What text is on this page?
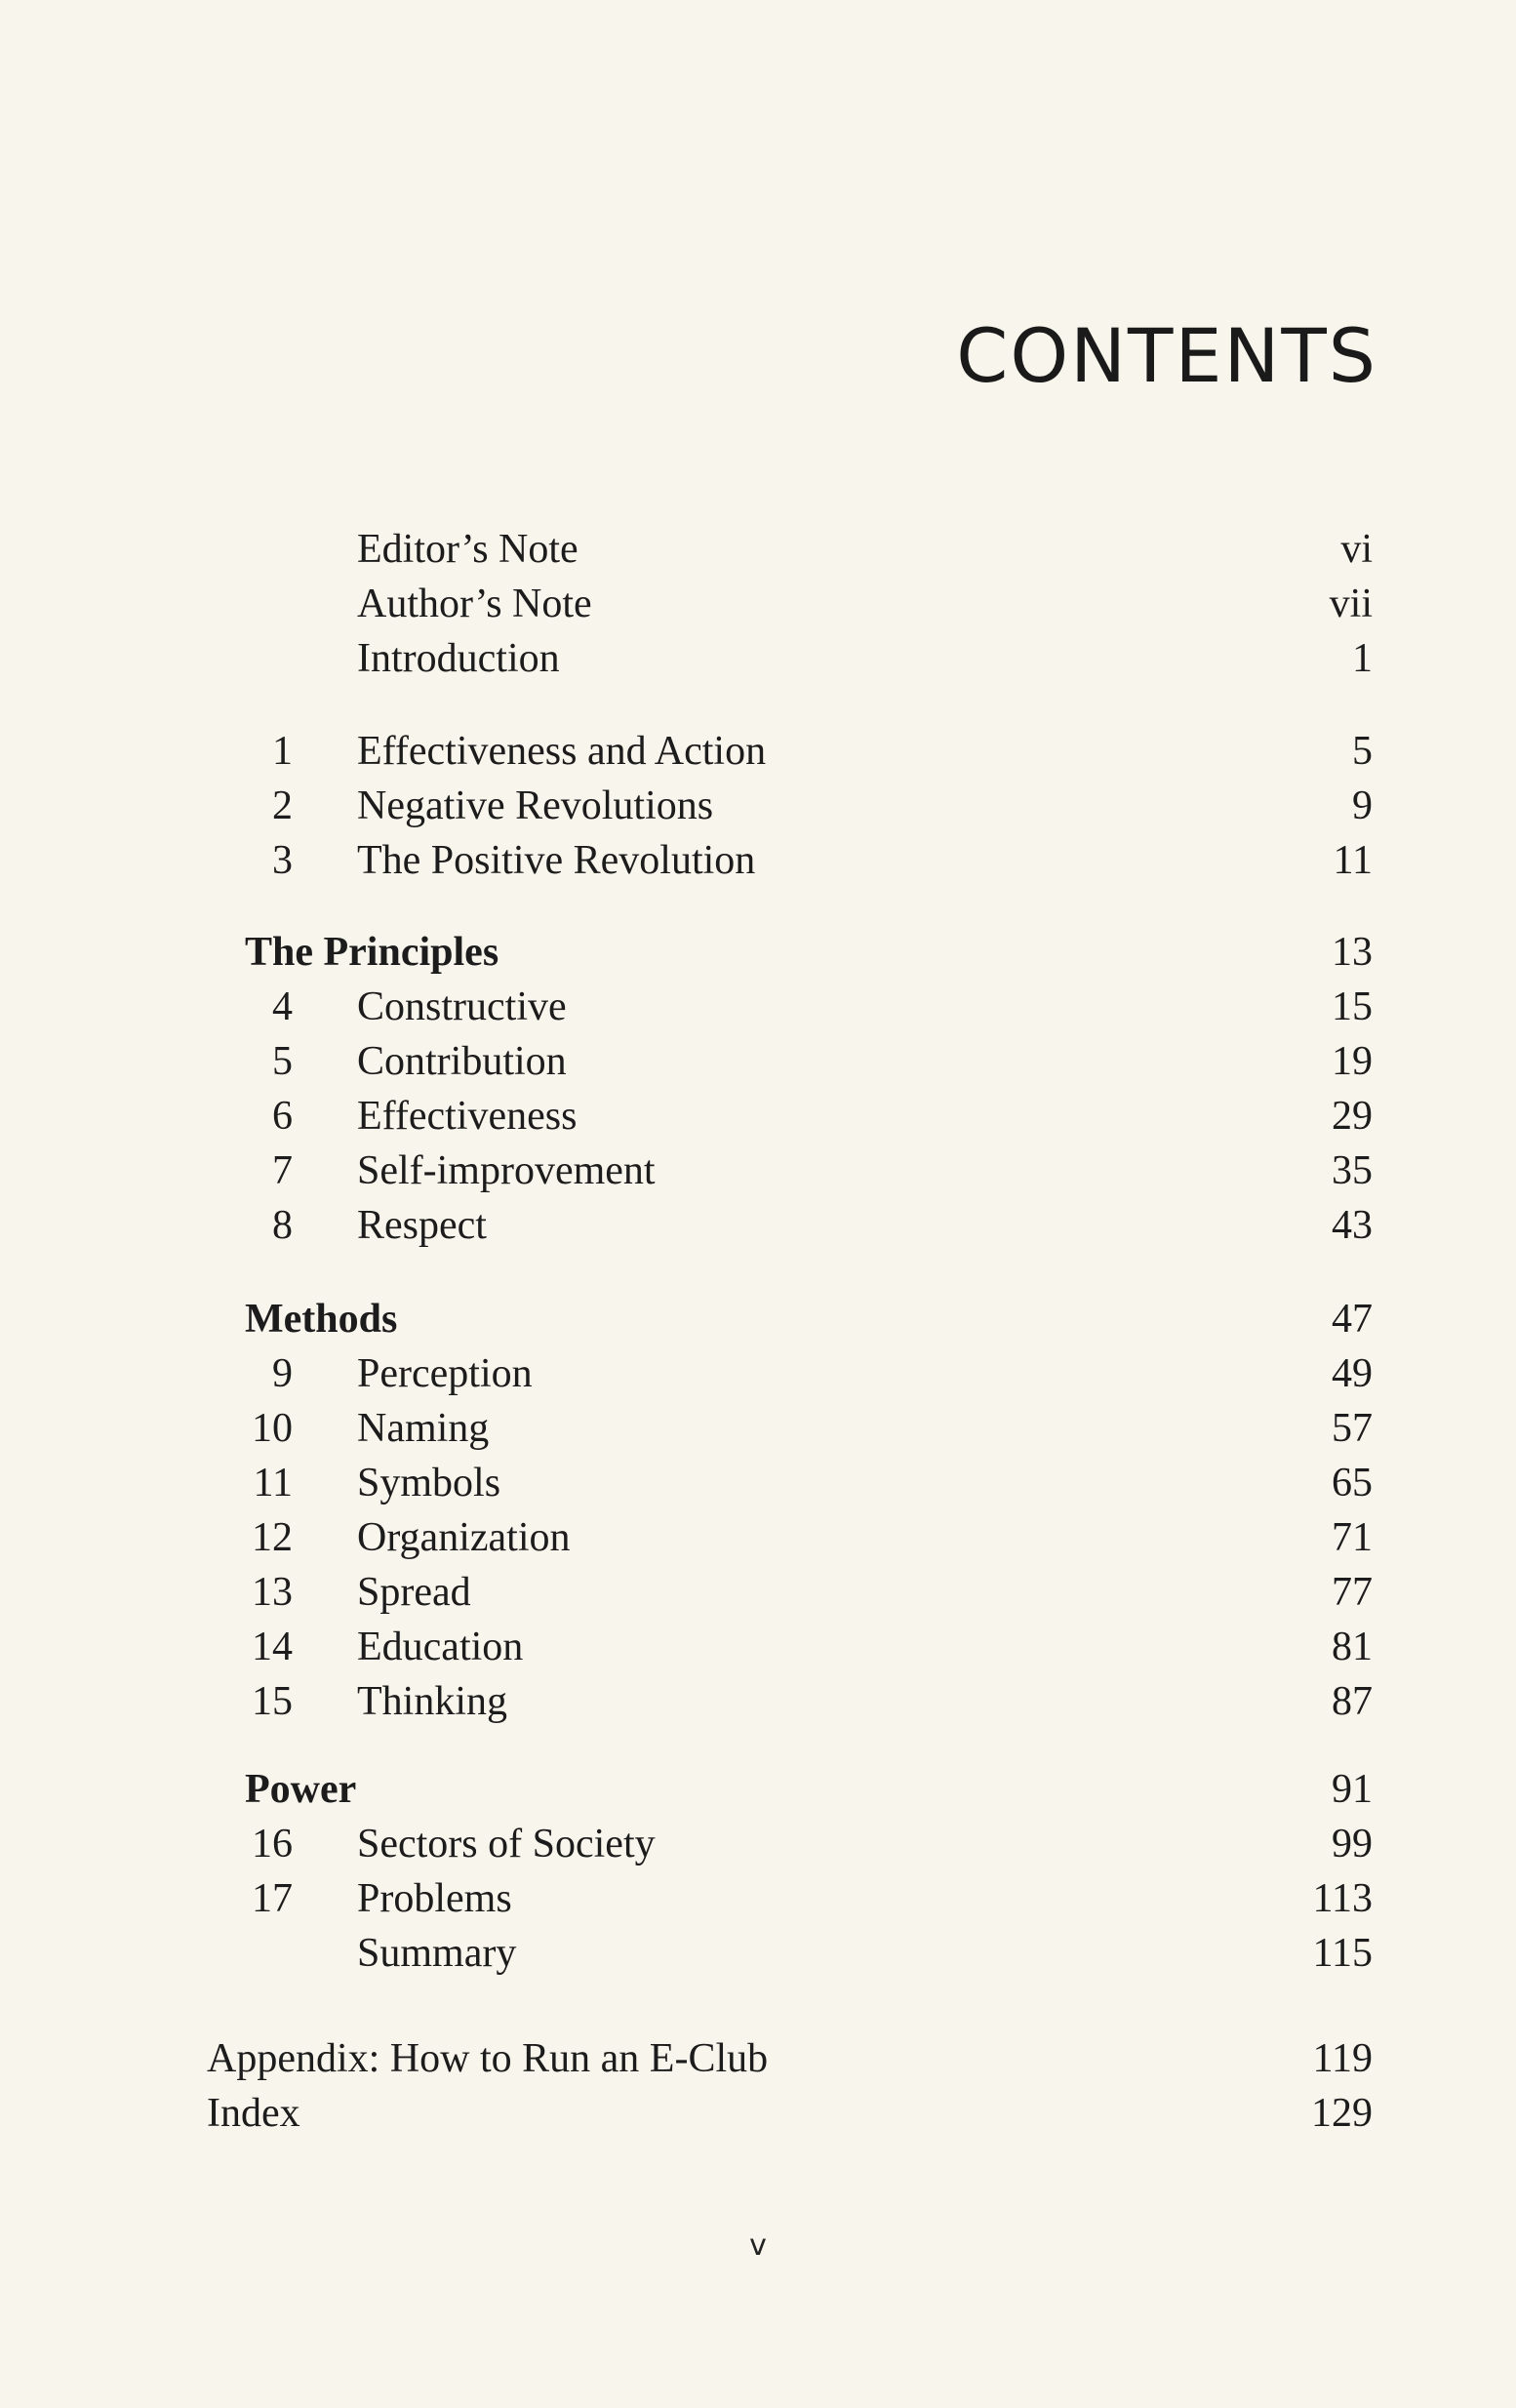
CONTENTS
Editor’s Note	vi
Author’s Note	vii
Introduction	1
1 Effectiveness and Action	5
2 Negative Revolutions	9
3 The Positive Revolution	11
The Principles	13
4 Constructive	15
5 Contribution	19
6 Effectiveness	29
7 Self-improvement	35
8 Respect	43
Methods	47
9 Perception	49
10 Naming	57
11 Symbols	65
12 Organization	71
13 Spread	77
14 Education	81
15 Thinking	87
Power	91
16 Sectors of Society	99
17 Problems	113
Summary	115
Appendix: How to Run an E-Club	119
Index	129
v
